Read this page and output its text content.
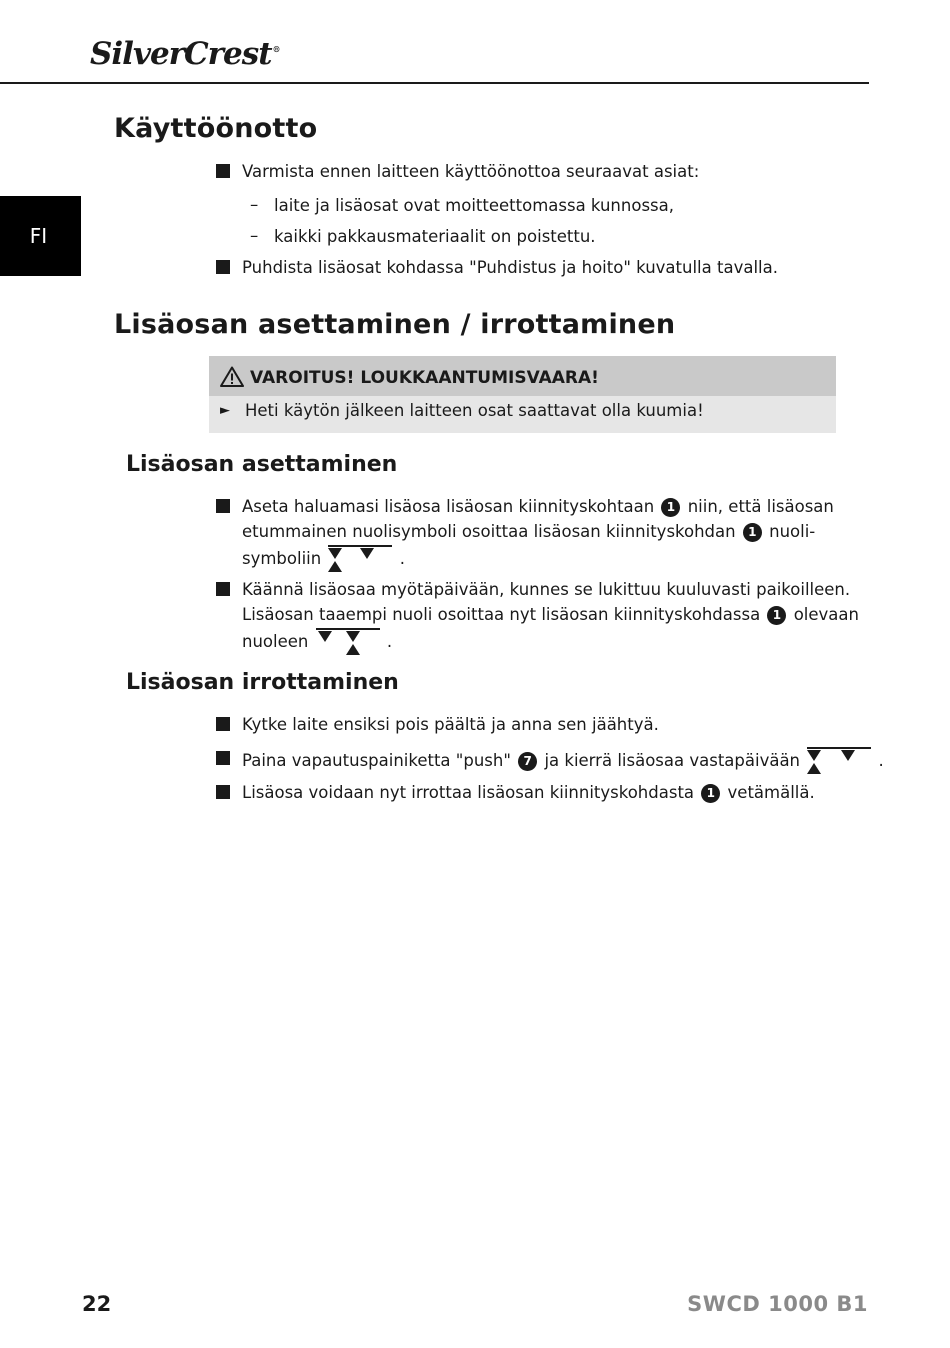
SilverCrest®
FI
Käyttöönotto
Varmista ennen laitteen käyttöönottoa seuraavat asiat:
– laite ja lisäosat ovat moitteettomassa kunnossa,
– kaikki pakkausmateriaalit on poistettu.
Puhdista lisäosat kohdassa "Puhdistus ja hoito" kuvatulla tavalla.
Lisäosan asettaminen / irrottaminen
VAROITUS! LOUKKAANTUMISVAARA!
► Heti käytön jälkeen laitteen osat saattavat olla kuumia!
Lisäosan asettaminen
Aseta haluamasi lisäosa lisäosan kiinnityskohtaan 1 niin, että lisäosan
etummainen nuolisymboli osoittaa lisäosan kiinnityskohdan 1 nuoli-
symboliin	.
Käännä lisäosaa myötäpäivään, kunnes se lukittuu kuuluvasti paikoilleen.
Lisäosan taaempi nuoli osoittaa nyt lisäosan kiinnityskohdassa 1 olevaan
nuoleen	.
Lisäosan irrottaminen
Kytke laite ensiksi pois päältä ja anna sen jäähtyä.
Paina vapautuspainiketta "push" 7 ja kierrä lisäosaa vastapäivään	.
Lisäosa voidaan nyt irrottaa lisäosan kiinnityskohdasta 1 vetämällä.
22	SWCD 1000 B1
